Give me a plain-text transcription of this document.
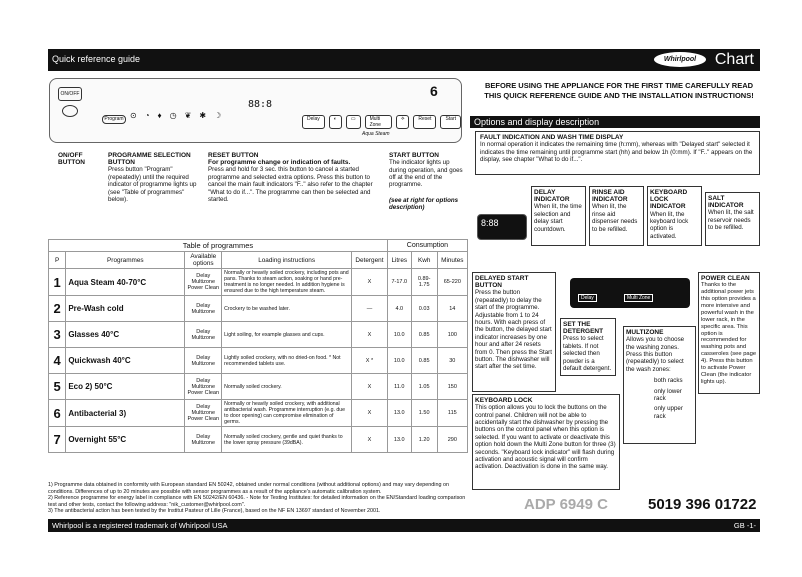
Quick reference guide	Whirlpool	Chart
ON/OFF
Program ⊙ ◔ ♦ ◷ ❦ ✱ ☽
88:8
Delay	◐	▭	Multi Zone
⟡	Reset	Start
Aqua Steam
6
ON/OFF BUTTON
PROGRAMME SELECTION BUTTON
Press button "Program" (repeatedly) until the required indicator of programme lights up (see "Table of programmes" below).
RESET BUTTON
For programme change or indication of faults.
Press and hold for 3 sec. this button to cancel a started programme and selected extra options. Press this button to cancel the main fault indicators "F.." also refer to the chapter "What to do if...". The programme can then be selected and started.
START BUTTON
The indicator lights up during operation, and goes off at the end of the programme.
(see at right for options description)
BEFORE USING THE APPLIANCE FOR THE FIRST TIME CAREFULLY READ THIS QUICK REFERENCE GUIDE AND THE INSTALLATION INSTRUCTIONS!
Options and display description
FAULT INDICATION AND WASH TIME DISPLAY
In normal operation it indicates the remaining time (h:mm), whereas with "Delayed start" selected it indicates the time remaining until programme start (hh) and below 1h (0:mm). If "F.." appears on the display, see chapter "What to do if...".
8:88
DELAY INDICATOR
When lit, the time selection and delay start countdown.
RINSE AID INDICATOR
When lit, the rinse aid dispenser needs to be refilled.
KEYBOARD LOCK INDICATOR
When lit, the keyboard lock option is activated.
SALT INDICATOR
When lit, the salt reservoir needs to be refilled.
DELAYED START BUTTON
Press the button (repeatedly) to delay the start of the programme. Adjustable from 1 to 24 hours. With each press of the button, the delayed start indicator increases by one hour and after 24 resets from 0. Then press the Start button. The dishwasher will start after the set time.
Delay	Multi Zone
SET THE DETERGENT
Press to select tablets. If not selected then powder is a default detergent.
MULTIZONE
Allows you to choose the washing zones. Press this button (repeatedly) to select the wash zones:
both racks
only lower rack
only upper rack
POWER CLEAN
Thanks to the additional power jets this option provides a more intensive and powerful wash in the lower rack, in the specific area. This option is recommended for washing pots and casseroles (see page 4). Press this button to activate Power Clean (the indicator lights up).
KEYBOARD LOCK
This option allows you to lock the buttons on the control panel. Children will not be able to accidentally start the dishwasher by pressing the buttons on the control panel when this option is selected. If you want to activate or deactivate this option hold down the Multi Zone button for three (3) seconds. "Keyboard lock indicator" will flash during activation and acoustic signal will confirm activation. Deactivation is done in the same way.
Table of programmes					Consumption		
P	Programmes	Available options	Loading instructions	Detergent	Litres	Kwh	Minutes
1	Aqua Steam 40-70°C	Delay Multizone Power Clean	Normally or heavily soiled crockery, including pots and pans. Thanks to steam action, soaking or hand pre-treatment is no longer needed. In addition hygiene is ensured due to the high temperature steam.	X	7-17.0	0.89-1.75	65-220
2	Pre-Wash cold	Delay Multizone	Crockery to be washed later.	—	4.0	0.03	14
3	Glasses 40°C	Delay Multizone	Light soiling, for example glasses and cups.	X	10.0	0.85	100
4	Quickwash 40°C	Delay Multizone	Lightly soiled crockery, with no dried-on food. * Not recommended tablets use.	X *	10.0	0.85	30
5	Eco 2) 50°C	Delay Multizone Power Clean	Normally soiled crockery.	X	11.0	1.05	150
6	Antibacterial 3)	Delay Multizone Power Clean	Normally or heavily soiled crockery, with additional antibacterial wash. Programme interruption (e.g. due to door opening) can compromise elimination of germs.	X	13.0	1.50	115
7	Overnight 55°C	Delay Multizone	Normally soiled crockery, gentle and quiet thanks to the lower spray pressure (39dBA).	X	13.0	1.20	290
1) Programme data obtained in conformity with European standard EN 50242, obtained under normal conditions (without additional options) and may vary depending on conditions. Differences of up to 20 minutes are possible with sensor programmes as a result of the appliance's automatic calibration system.
2) Reference programme for energy label in compliance with EN 50242/EN 60436. - Note for Testing Institutes: for detailed information on the EN/Standard loading comparison test and other tests, contact the following address: "nik_customer@whirlpool.com".
3) The antibacterial action has been tested by the Institut Pasteur of Lille (France), based on the NF EN 13697 standard of November 2001.	ADP 6949 C	5019 396 01722
Whirlpool is a registered trademark of Whirlpool USA	GB -1-
